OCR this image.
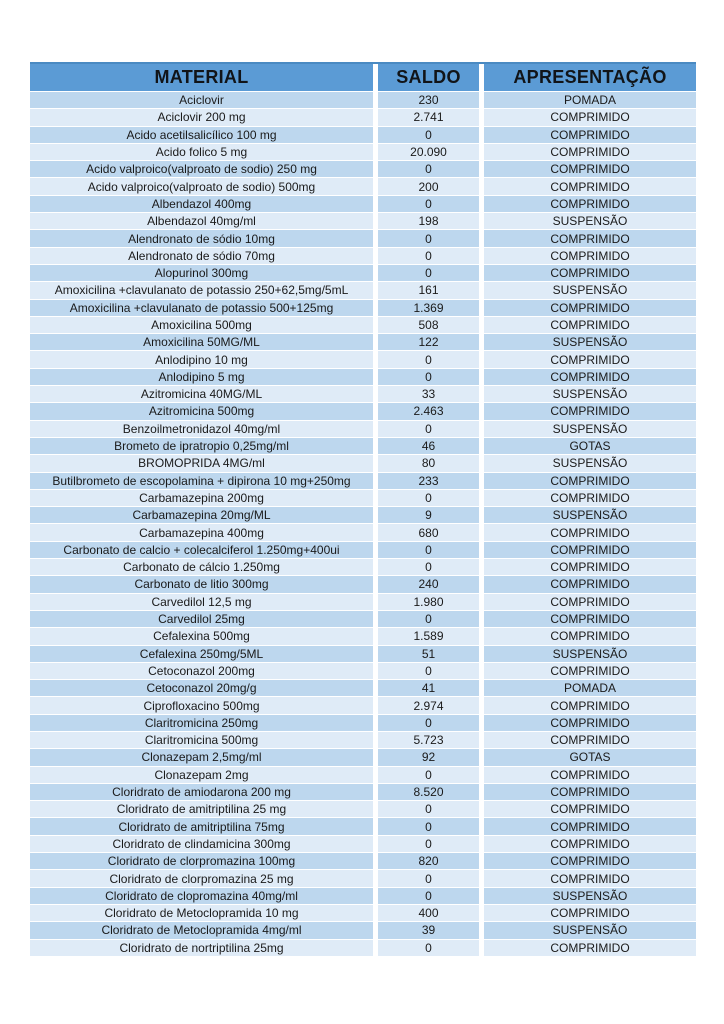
MATERIAL	SALDO	APRESENTAÇÃO
Aciclovir	230	POMADA
Aciclovir 200 mg	2.741	COMPRIMIDO
Acido acetilsalicílico 100 mg	0	COMPRIMIDO
Acido folico 5 mg	20.090	COMPRIMIDO
Acido valproico(valproato de sodio) 250 mg	0	COMPRIMIDO
Acido valproico(valproato de sodio) 500mg	200	COMPRIMIDO
Albendazol 400mg	0	COMPRIMIDO
Albendazol 40mg/ml	198	SUSPENSÃO
Alendronato de sódio 10mg	0	COMPRIMIDO
Alendronato de sódio 70mg	0	COMPRIMIDO
Alopurinol 300mg	0	COMPRIMIDO
Amoxicilina +clavulanato de potassio 250+62,5mg/5mL	161	SUSPENSÃO
Amoxicilina +clavulanato de potassio 500+125mg	1.369	COMPRIMIDO
Amoxicilina 500mg	508	COMPRIMIDO
Amoxicilina 50MG/ML	122	SUSPENSÃO
Anlodipino 10 mg	0	COMPRIMIDO
Anlodipino 5 mg	0	COMPRIMIDO
Azitromicina 40MG/ML	33	SUSPENSÃO
Azitromicina 500mg	2.463	COMPRIMIDO
Benzoilmetronidazol 40mg/ml	0	SUSPENSÃO
Brometo de ipratropio 0,25mg/ml	46	GOTAS
BROMOPRIDA 4MG/ml	80	SUSPENSÃO
Butilbrometo de escopolamina + dipirona 10 mg+250mg	233	COMPRIMIDO
Carbamazepina 200mg	0	COMPRIMIDO
Carbamazepina 20mg/ML	9	SUSPENSÃO
Carbamazepina 400mg	680	COMPRIMIDO
Carbonato de calcio + colecalciferol 1.250mg+400ui	0	COMPRIMIDO
Carbonato de cálcio 1.250mg	0	COMPRIMIDO
Carbonato de litio 300mg	240	COMPRIMIDO
Carvedilol 12,5 mg	1.980	COMPRIMIDO
Carvedilol 25mg	0	COMPRIMIDO
Cefalexina 500mg	1.589	COMPRIMIDO
Cefalexina 250mg/5ML	51	SUSPENSÃO
Cetoconazol 200mg	0	COMPRIMIDO
Cetoconazol 20mg/g	41	POMADA
Ciprofloxacino 500mg	2.974	COMPRIMIDO
Claritromicina 250mg	0	COMPRIMIDO
Claritromicina 500mg	5.723	COMPRIMIDO
Clonazepam 2,5mg/ml	92	GOTAS
Clonazepam 2mg	0	COMPRIMIDO
Cloridrato de amiodarona 200 mg	8.520	COMPRIMIDO
Cloridrato de amitriptilina 25 mg	0	COMPRIMIDO
Cloridrato de amitriptilina 75mg	0	COMPRIMIDO
Cloridrato de clindamicina 300mg	0	COMPRIMIDO
Cloridrato de clorpromazina 100mg	820	COMPRIMIDO
Cloridrato de clorpromazina 25 mg	0	COMPRIMIDO
Cloridrato de clopromazina 40mg/ml	0	SUSPENSÃO
Cloridrato de Metoclopramida 10 mg	400	COMPRIMIDO
Cloridrato de Metoclopramida 4mg/ml	39	SUSPENSÃO
Cloridrato de nortriptilina 25mg	0	COMPRIMIDO
